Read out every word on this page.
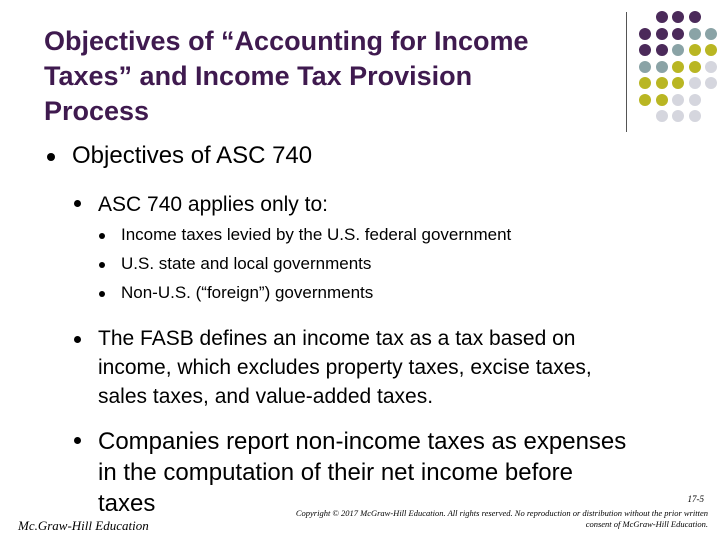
Objectives of “Accounting for Income
Taxes” and Income Tax Provision
Process
Objectives of ASC 740
ASC 740 applies only to:
Income taxes levied by the U.S. federal government
U.S. state and local governments
Non-U.S. (“foreign”) governments
The FASB defines an income tax as a tax based on
income, which excludes property taxes, excise taxes,
sales taxes, and value-added taxes.
Companies report non-income taxes as expenses
in the computation of their net income before
taxes
Mc.Graw-Hill Education
17-5
Copyright © 2017 McGraw-Hill Education. All rights reserved. No reproduction or distribution without the prior written
consent of McGraw-Hill Education.
